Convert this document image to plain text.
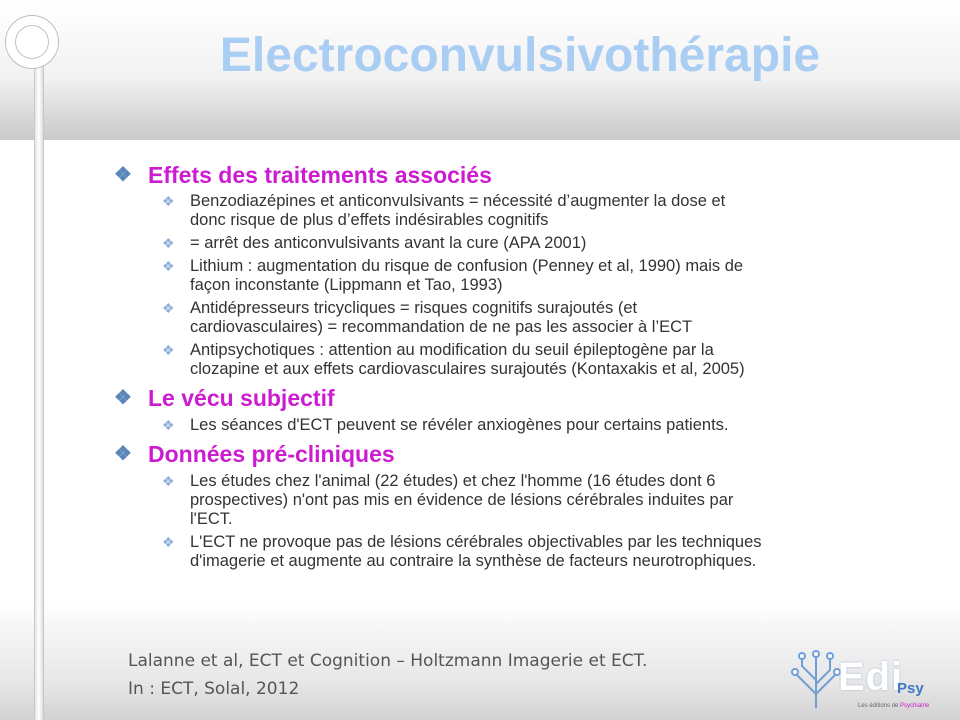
Electroconvulsivothérapie
❖ Effets des traitements associés
❖ Benzodiazépines et anticonvulsivants = nécessité d’augmenter la dose et
donc risque de plus d’effets indésirables cognitifs
❖ = arrêt des anticonvulsivants avant la cure (APA 2001)
❖ Lithium : augmentation du risque de confusion (Penney et al, 1990) mais de
façon inconstante (Lippmann et Tao, 1993)
❖ Antidépresseurs tricycliques = risques cognitifs surajoutés (et
cardiovasculaires) = recommandation de ne pas les associer à l’ECT
❖ Antipsychotiques : attention au modification du seuil épileptogène par la
clozapine et aux effets cardiovasculaires surajoutés (Kontaxakis et al, 2005)
❖ Le vécu subjectif
❖ Les séances d'ECT peuvent se révéler anxiogènes pour certains patients.
❖ Données pré-cliniques
❖ Les études chez l'animal (22 études) et chez l'homme (16 études dont 6
prospectives) n'ont pas mis en évidence de lésions cérébrales induites par
l'ECT.
❖ L'ECT ne provoque pas de lésions cérébrales objectivables par les techniques
d'imagerie et augmente au contraire la synthèse de facteurs neurotrophiques.
Lalanne et al, ECT et Cognition – Holtzmann Imagerie et ECT.
In : ECT, Solal, 2012	Edi
Psy
Les éditions de Psychiatrie
